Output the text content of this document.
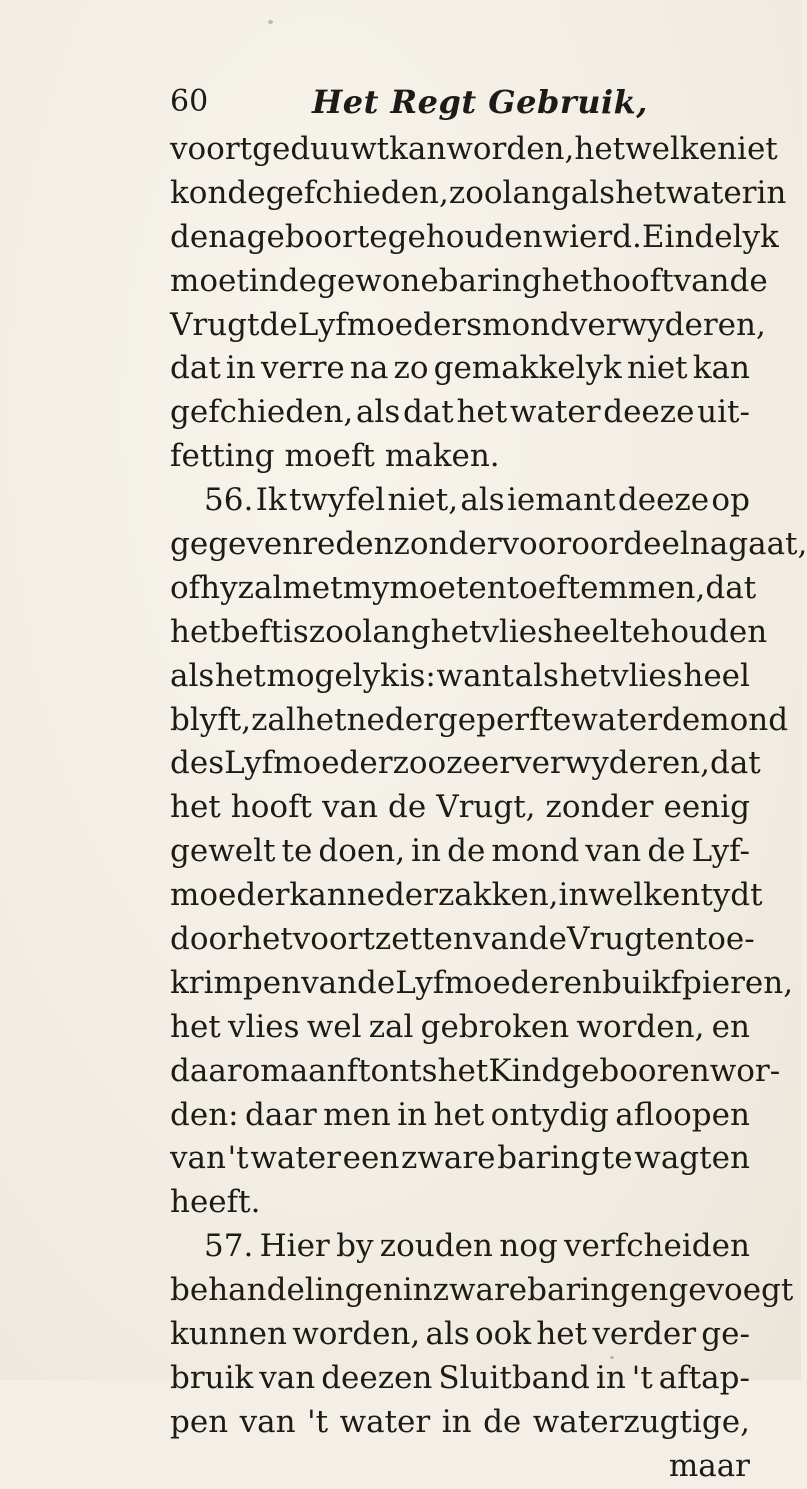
60	Het Regt Gebruik,
voort geduuwt kan worden, het welke niet
konde gefchieden, zoo lang als het water in
de nageboorte gehouden wierd. Eindelyk
moet in de gewone baring het hooft van de
Vrugt de Lyfmoeders mond verwyderen,
dat in verre na zo gemakkelyk niet kan
gefchieden, als dat het water deeze uit-
fetting moeft maken.
56. Ik twyfel niet, als iemant deeze op
gegeven reden zonder vooroordeel na gaat,
of hy zal met my moeten toeftemmen, dat
het beft is zoo lang het vlies heel te houden
als het mogelyk is: want als het vlies heel
blyft, zal het neder geperfte water de mond
des Lyfmoeder zoo zeer verwyderen, dat
het hooft van de Vrugt, zonder eenig
gewelt te doen, in de mond van de Lyf-
moeder kan nederzakken, in welken tydt
door het voortzetten van de Vrugt en toe-
krimpen van de Lyfmoeder en buikfpieren,
het vlies wel zal gebroken worden, en
daarom aanftonts het Kind gebooren wor-
den: daar men in het ontydig afloopen
van 't water een zware baring te wagten
heeft.
57. Hier by zouden nog verfcheiden
behandelingen in zware baringen gevoegt
kunnen worden, als ook het verder ge-
bruik van deezen Sluitband in 't aftap-
pen van 't water in de waterzugtige,
maar
